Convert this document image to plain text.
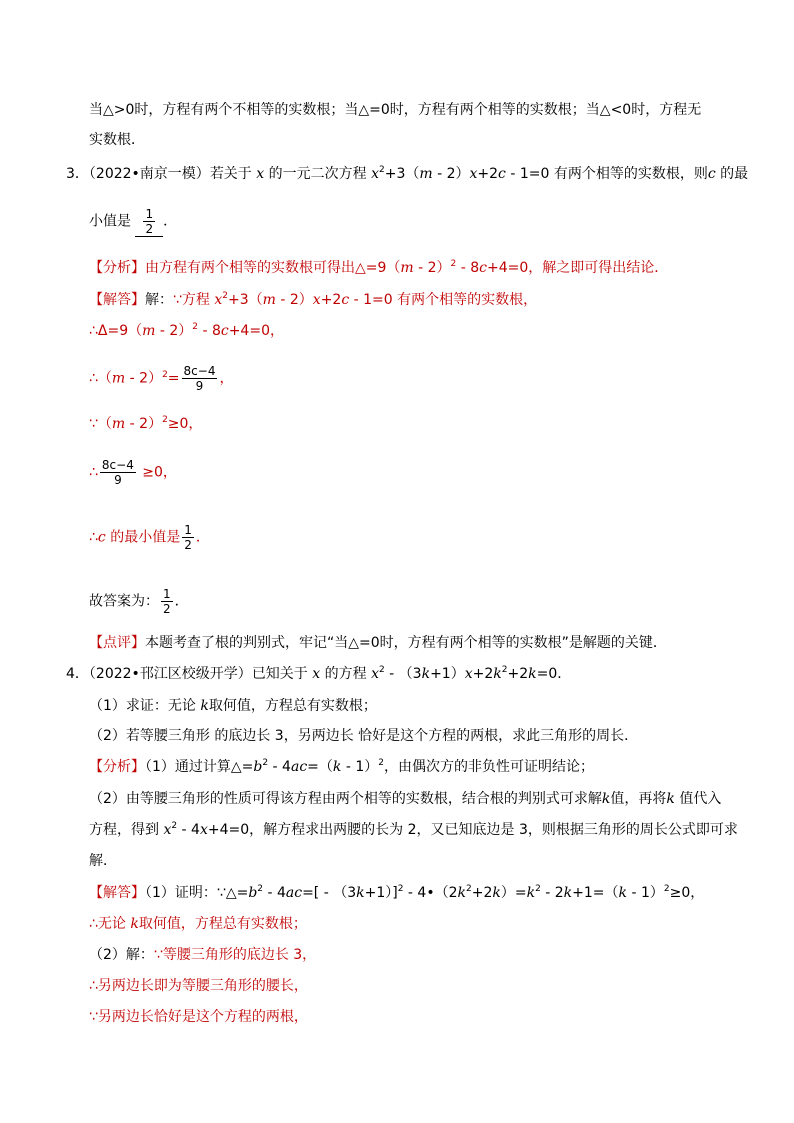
当△>0时，方程有两个不相等的实数根；当△=0时，方程有两个相等的实数根；当△<0时，方程无
实数根．
3．（2022•南京一模）若关于 x 的一元二次方程 $x^2+3(m - 2)x+2c - 1=0$ 有两个相等的实数根，则c 的最
小值是 $\frac{1}{2}$ ．
【分析】由方程有两个相等的实数根可得出△=9（m - 2）$^2$ - 8c+4=0，解之即可得出结论．
【解答】解：∵方程 $x^2+3(m - 2)x+2c - 1=0$ 有两个相等的实数根，
∴Δ=9（m - 2）$^2$ - 8c+4=0，
∴（m - $2)^2= \frac{8c-4}{9}$ ，
∵（m - 2）$^2$≥0，
∴ $\frac{8c-4}{9} \ge 0$，
∴c 的最小值是 $\frac{1}{2}$ ．
故答案为： $\frac{1}{2}$ ．
【点评】本题考查了根的判别式，牢记“当△=0时，方程有两个相等的实数根”是解题的关键．
4．（2022•邗江区校级开学）已知关于 x 的方程 $x^2 - (3k+1)x+2k^2+2k=0$．
（1）求证：无论 k取何值，方程总有实数根；
（2）若等腰三角形 的底边长 3，另两边长 恰好是这个方程的两根，求此三角形的周长．
【分析】（1）通过计算$\triangle=b^2 - 4ac=(k - 1)^2$，由偶次方的非负性可证明结论；
（2）由等腰三角形的性质可得该方程由两个相等的实数根，结合根的判别式可求解k值，再将k 值代入
方程，得到 $x^2 - 4x+4=0$，解方程求出两腰的长为 2，又已知底边是 3，则根据三角形的周长公式即可求
解．
【解答】（1）证明：$\because\triangle=b^2 - 4ac=[ - (3k+1)]^2$ - $4•(2k^2+2k)=k^2 - 2k+1=(k - 1)^2\ge 0$，
∴无论 k取何值，方程总有实数根；
（2）解：∵等腰三角形的底边长 3，
∴另两边长即为等腰三角形的腰长，
∵另两边长恰好是这个方程的两根，
